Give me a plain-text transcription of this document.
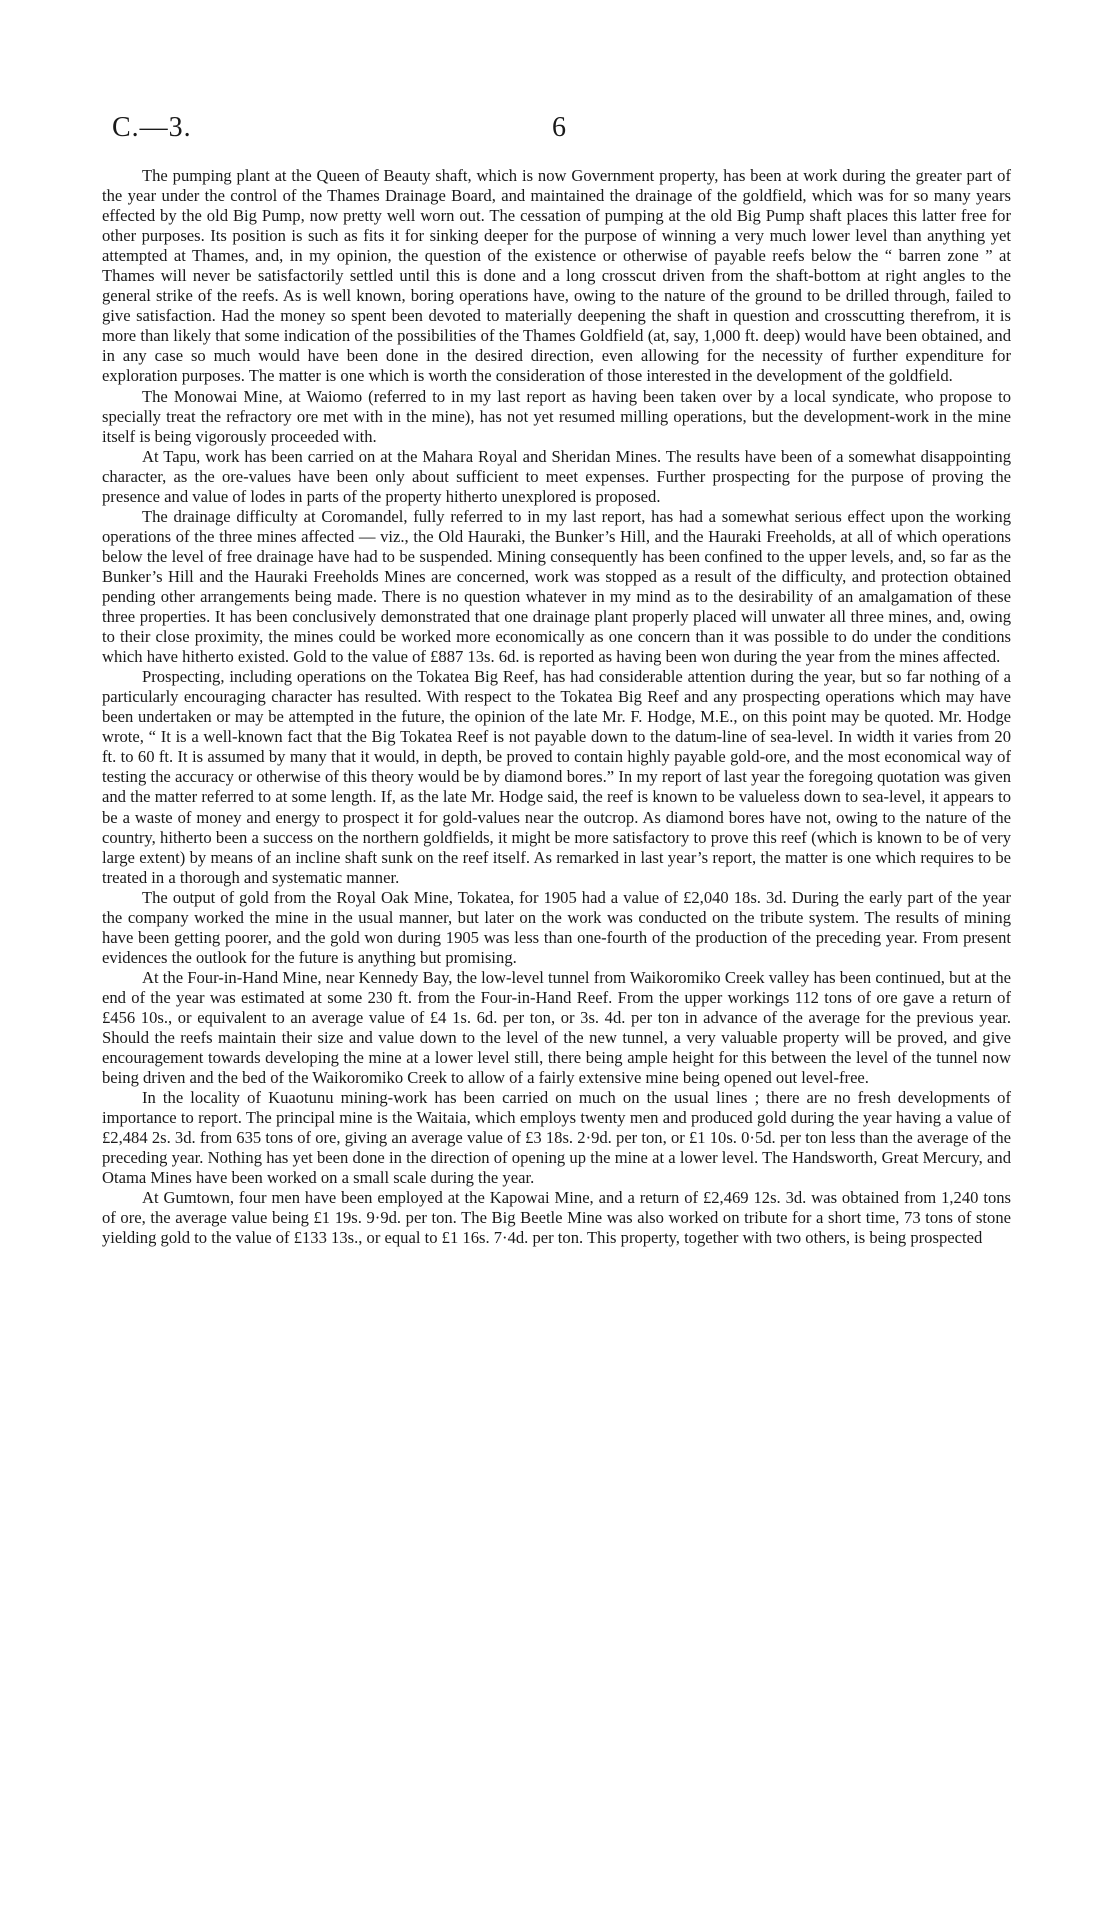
C.—3.	6

The pumping plant at the Queen of Beauty shaft, which is now Government property, has been at work during the greater part of the year under the control of the Thames Drainage Board, and maintained the drainage of the goldfield, which was for so many years effected by the old Big Pump, now pretty well worn out. The cessation of pumping at the old Big Pump shaft places this latter free for other purposes. Its position is such as fits it for sinking deeper for the purpose of winning a very much lower level than anything yet attempted at Thames, and, in my opinion, the question of the existence or otherwise of payable reefs below the “ barren zone ” at Thames will never be satisfactorily settled until this is done and a long crosscut driven from the shaft-bottom at right angles to the general strike of the reefs. As is well known, boring operations have, owing to the nature of the ground to be drilled through, failed to give satisfaction. Had the money so spent been devoted to materially deepening the shaft in question and crosscutting therefrom, it is more than likely that some indication of the possibilities of the Thames Goldfield (at, say, 1,000 ft. deep) would have been obtained, and in any case so much would have been done in the desired direction, even allowing for the necessity of further expenditure for exploration purposes. The matter is one which is worth the consideration of those interested in the development of the goldfield.

The Monowai Mine, at Waiomo (referred to in my last report as having been taken over by a local syndicate, who propose to specially treat the refractory ore met with in the mine), has not yet resumed milling operations, but the development-work in the mine itself is being vigorously proceeded with.

At Tapu, work has been carried on at the Mahara Royal and Sheridan Mines. The results have been of a somewhat disappointing character, as the ore-values have been only about sufficient to meet expenses. Further prospecting for the purpose of proving the presence and value of lodes in parts of the property hitherto unexplored is proposed.

The drainage difficulty at Coromandel, fully referred to in my last report, has had a somewhat serious effect upon the working operations of the three mines affected — viz., the Old Hauraki, the Bunker’s Hill, and the Hauraki Freeholds, at all of which operations below the level of free drainage have had to be suspended. Mining consequently has been confined to the upper levels, and, so far as the Bunker’s Hill and the Hauraki Freeholds Mines are concerned, work was stopped as a result of the difficulty, and protection obtained pending other arrangements being made. There is no question whatever in my mind as to the desirability of an amalgamation of these three properties. It has been conclusively demonstrated that one drainage plant properly placed will unwater all three mines, and, owing to their close proximity, the mines could be worked more economically as one concern than it was possible to do under the conditions which have hitherto existed. Gold to the value of £887 13s. 6d. is reported as having been won during the year from the mines affected.

Prospecting, including operations on the Tokatea Big Reef, has had considerable attention during the year, but so far nothing of a particularly encouraging character has resulted. With respect to the Tokatea Big Reef and any prospecting operations which may have been undertaken or may be attempted in the future, the opinion of the late Mr. F. Hodge, M.E., on this point may be quoted. Mr. Hodge wrote, “ It is a well-known fact that the Big Tokatea Reef is not payable down to the datum-line of sea-level. In width it varies from 20 ft. to 60 ft. It is assumed by many that it would, in depth, be proved to contain highly payable gold-ore, and the most economical way of testing the accuracy or otherwise of this theory would be by diamond bores.” In my report of last year the foregoing quotation was given and the matter referred to at some length. If, as the late Mr. Hodge said, the reef is known to be valueless down to sea-level, it appears to be a waste of money and energy to prospect it for gold-values near the outcrop. As diamond bores have not, owing to the nature of the country, hitherto been a success on the northern goldfields, it might be more satisfactory to prove this reef (which is known to be of very large extent) by means of an incline shaft sunk on the reef itself. As remarked in last year’s report, the matter is one which requires to be treated in a thorough and systematic manner.

The output of gold from the Royal Oak Mine, Tokatea, for 1905 had a value of £2,040 18s. 3d. During the early part of the year the company worked the mine in the usual manner, but later on the work was conducted on the tribute system. The results of mining have been getting poorer, and the gold won during 1905 was less than one-fourth of the production of the preceding year. From present evidences the outlook for the future is anything but promising.

At the Four-in-Hand Mine, near Kennedy Bay, the low-level tunnel from Waikoromiko Creek valley has been continued, but at the end of the year was estimated at some 230 ft. from the Four-in-Hand Reef. From the upper workings 112 tons of ore gave a return of £456 10s., or equivalent to an average value of £4 1s. 6d. per ton, or 3s. 4d. per ton in advance of the average for the previous year. Should the reefs maintain their size and value down to the level of the new tunnel, a very valuable property will be proved, and give encouragement towards developing the mine at a lower level still, there being ample height for this between the level of the tunnel now being driven and the bed of the Waikoromiko Creek to allow of a fairly extensive mine being opened out level-free.

In the locality of Kuaotunu mining-work has been carried on much on the usual lines ; there are no fresh developments of importance to report. The principal mine is the Waitaia, which employs twenty men and produced gold during the year having a value of £2,484 2s. 3d. from 635 tons of ore, giving an average value of £3 18s. 2·9d. per ton, or £1 10s. 0·5d. per ton less than the average of the preceding year. Nothing has yet been done in the direction of opening up the mine at a lower level. The Handsworth, Great Mercury, and Otama Mines have been worked on a small scale during the year.

At Gumtown, four men have been employed at the Kapowai Mine, and a return of £2,469 12s. 3d. was obtained from 1,240 tons of ore, the average value being £1 19s. 9·9d. per ton. The Big Beetle Mine was also worked on tribute for a short time, 73 tons of stone yielding gold to the value of £133 13s., or equal to £1 16s. 7·4d. per ton. This property, together with two others, is being prospected
